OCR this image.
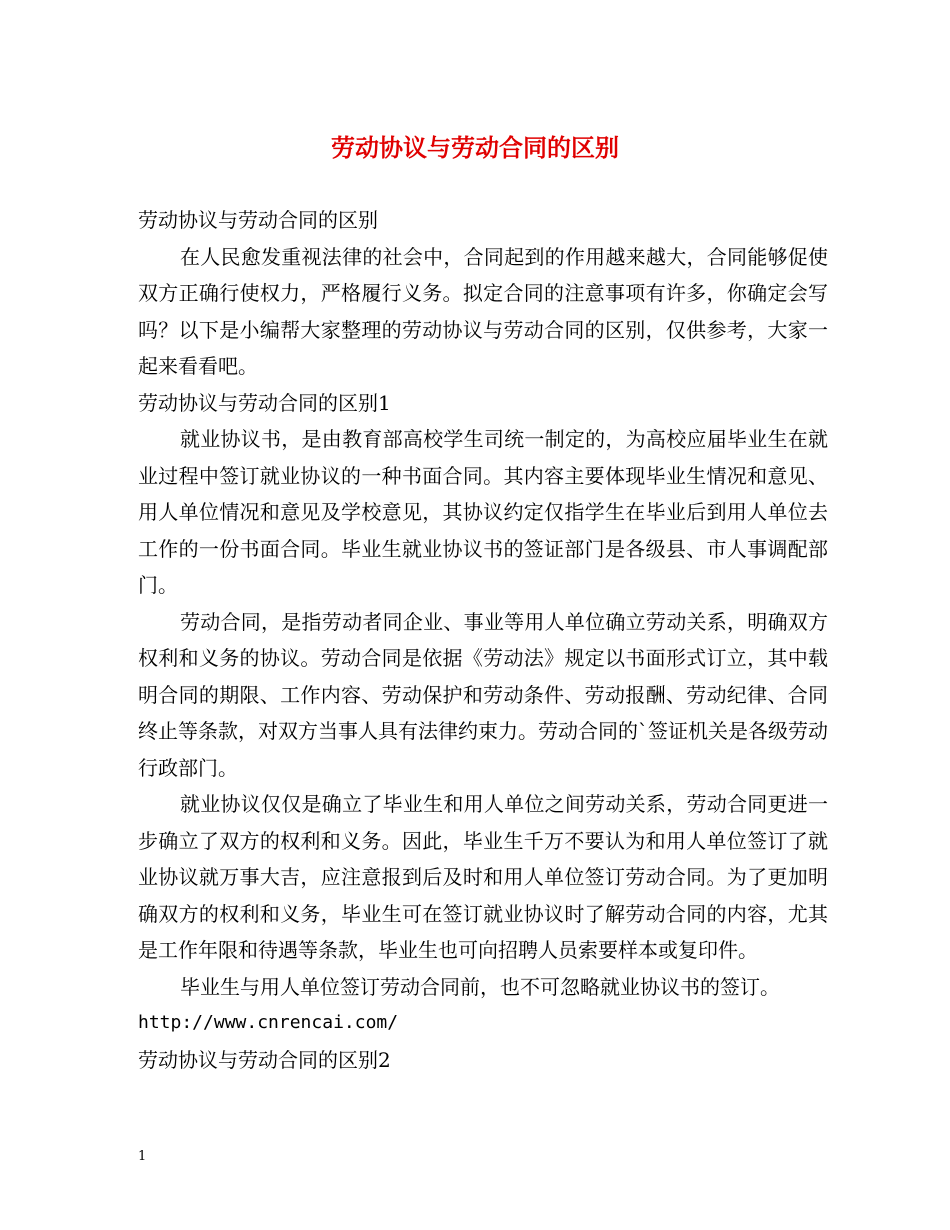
劳动协议与劳动合同的区别

劳动协议与劳动合同的区别

在人民愈发重视法律的社会中，合同起到的作用越来越大，合同能够促使双方正确行使权力，严格履行义务。拟定合同的注意事项有许多，你确定会写吗？以下是小编帮大家整理的劳动协议与劳动合同的区别，仅供参考，大家一起来看看吧。

劳动协议与劳动合同的区别1

就业协议书，是由教育部高校学生司统一制定的，为高校应届毕业生在就业过程中签订就业协议的一种书面合同。其内容主要体现毕业生情况和意见、用人单位情况和意见及学校意见，其协议约定仅指学生在毕业后到用人单位去工作的一份书面合同。毕业生就业协议书的签证部门是各级县、市人事调配部门。

劳动合同，是指劳动者同企业、事业等用人单位确立劳动关系，明确双方权利和义务的协议。劳动合同是依据《劳动法》规定以书面形式订立，其中载明合同的期限、工作内容、劳动保护和劳动条件、劳动报酬、劳动纪律、合同终止等条款，对双方当事人具有法律约束力。劳动合同的`签证机关是各级劳动行政部门。

就业协议仅仅是确立了毕业生和用人单位之间劳动关系，劳动合同更进一步确立了双方的权利和义务。因此，毕业生千万不要认为和用人单位签订了就业协议就万事大吉，应注意报到后及时和用人单位签订劳动合同。为了更加明确双方的权利和义务，毕业生可在签订就业协议时了解劳动合同的内容，尤其是工作年限和待遇等条款，毕业生也可向招聘人员索要样本或复印件。

毕业生与用人单位签订劳动合同前，也不可忽略就业协议书的签订。

http://www.cnrencai.com/

劳动协议与劳动合同的区别2

1
